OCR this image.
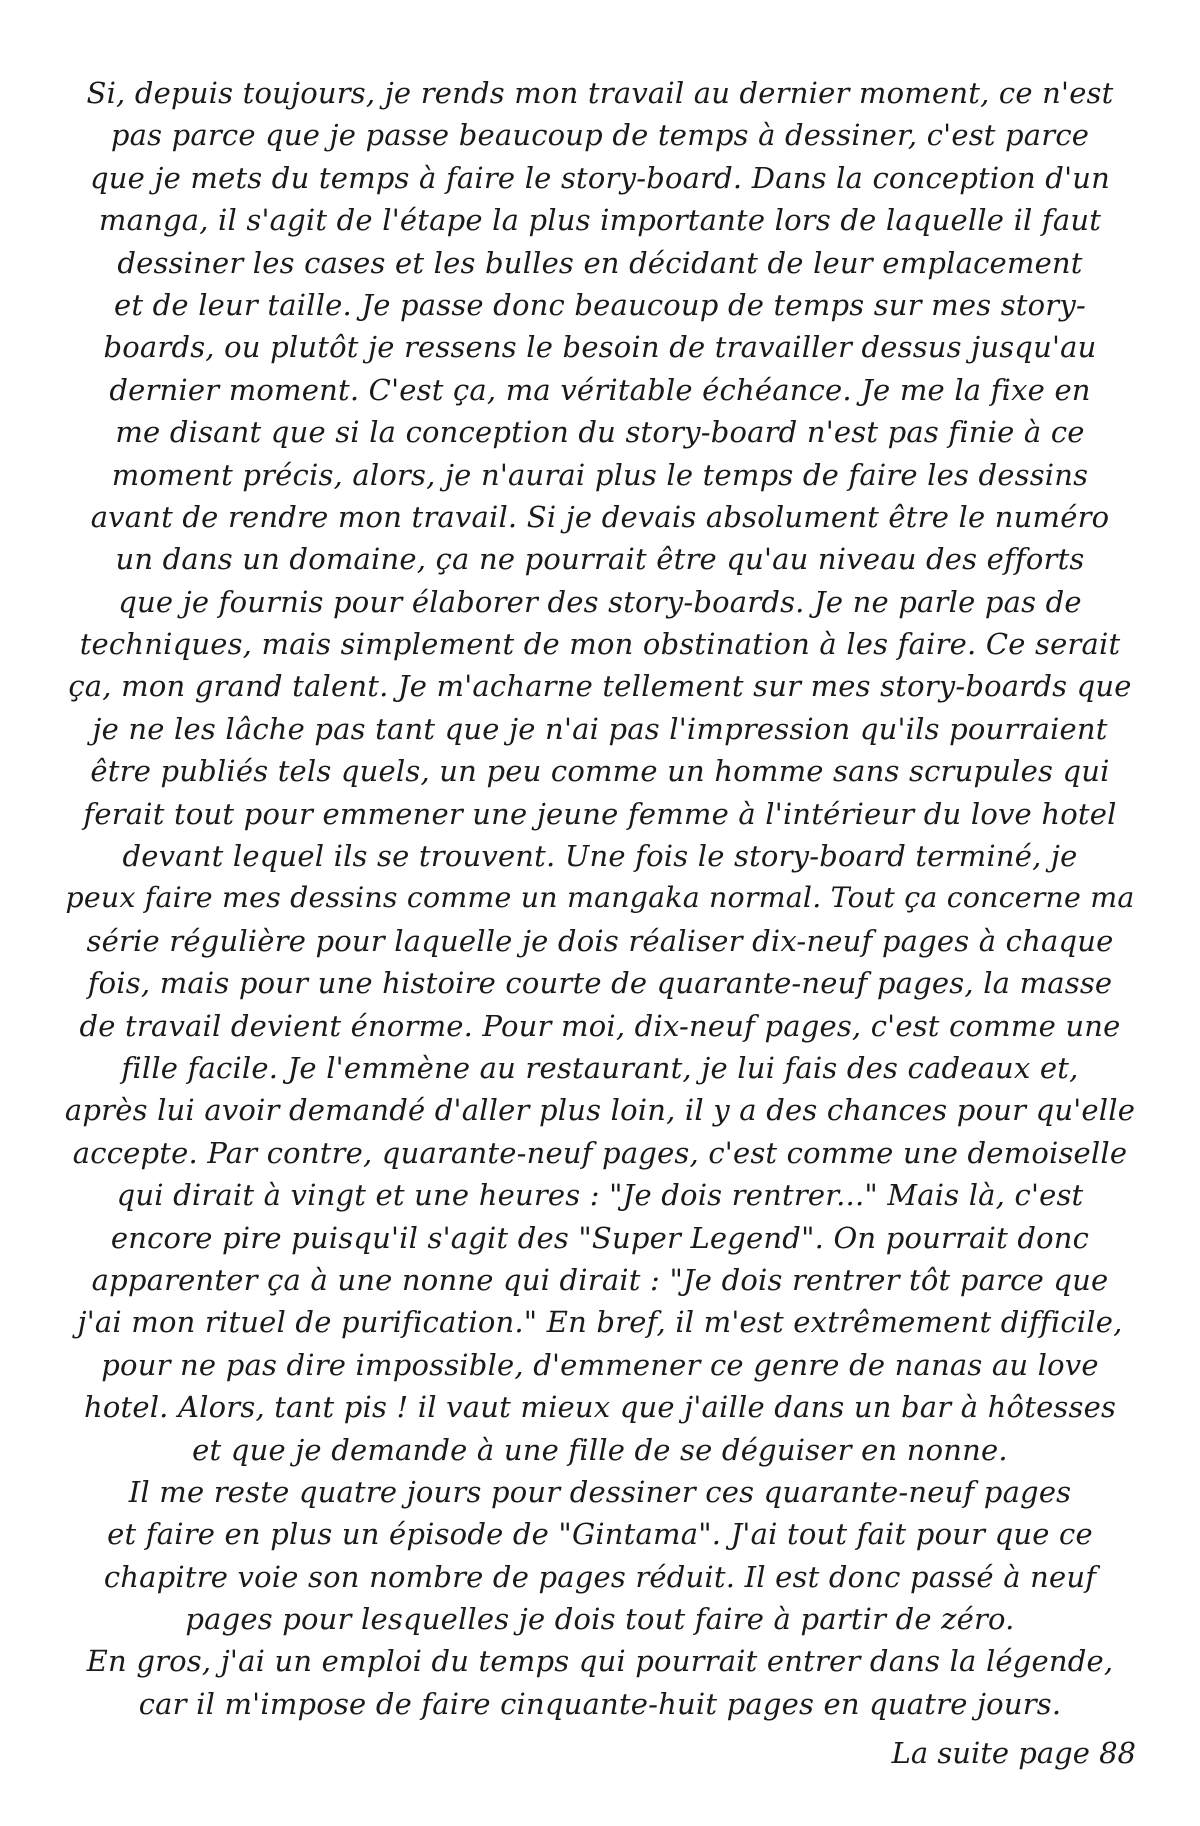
Si, depuis toujours, je rends mon travail au dernier moment, ce n'est
pas parce que je passe beaucoup de temps à dessiner, c'est parce
que je mets du temps à faire le story-board. Dans la conception d'un
manga, il s'agit de l'étape la plus importante lors de laquelle il faut
dessiner les cases et les bulles en décidant de leur emplacement
et de leur taille. Je passe donc beaucoup de temps sur mes story-
boards, ou plutôt je ressens le besoin de travailler dessus jusqu'au
dernier moment. C'est ça, ma véritable échéance. Je me la fixe en
me disant que si la conception du story-board n'est pas finie à ce
moment précis, alors, je n'aurai plus le temps de faire les dessins
avant de rendre mon travail. Si je devais absolument être le numéro
un dans un domaine, ça ne pourrait être qu'au niveau des efforts
que je fournis pour élaborer des story-boards. Je ne parle pas de
techniques, mais simplement de mon obstination à les faire. Ce serait
ça, mon grand talent. Je m'acharne tellement sur mes story-boards que
je ne les lâche pas tant que je n'ai pas l'impression qu'ils pourraient
être publiés tels quels, un peu comme un homme sans scrupules qui
ferait tout pour emmener une jeune femme à l'intérieur du love hotel
devant lequel ils se trouvent. Une fois le story-board terminé, je
peux faire mes dessins comme un mangaka normal. Tout ça concerne ma
série régulière pour laquelle je dois réaliser dix-neuf pages à chaque
fois, mais pour une histoire courte de quarante-neuf pages, la masse
de travail devient énorme. Pour moi, dix-neuf pages, c'est comme une
fille facile. Je l'emmène au restaurant, je lui fais des cadeaux et,
après lui avoir demandé d'aller plus loin, il y a des chances pour qu'elle
accepte. Par contre, quarante-neuf pages, c'est comme une demoiselle
qui dirait à vingt et une heures : "Je dois rentrer..." Mais là, c'est
encore pire puisqu'il s'agit des "Super Legend". On pourrait donc
apparenter ça à une nonne qui dirait : "Je dois rentrer tôt parce que
j'ai mon rituel de purification." En bref, il m'est extrêmement difficile,
pour ne pas dire impossible, d'emmener ce genre de nanas au love
hotel. Alors, tant pis ! il vaut mieux que j'aille dans un bar à hôtesses
et que je demande à une fille de se déguiser en nonne.
Il me reste quatre jours pour dessiner ces quarante-neuf pages
et faire en plus un épisode de "Gintama". J'ai tout fait pour que ce
chapitre voie son nombre de pages réduit. Il est donc passé à neuf
pages pour lesquelles je dois tout faire à partir de zéro.
En gros, j'ai un emploi du temps qui pourrait entrer dans la légende,
car il m'impose de faire cinquante-huit pages en quatre jours.
La suite page 88
